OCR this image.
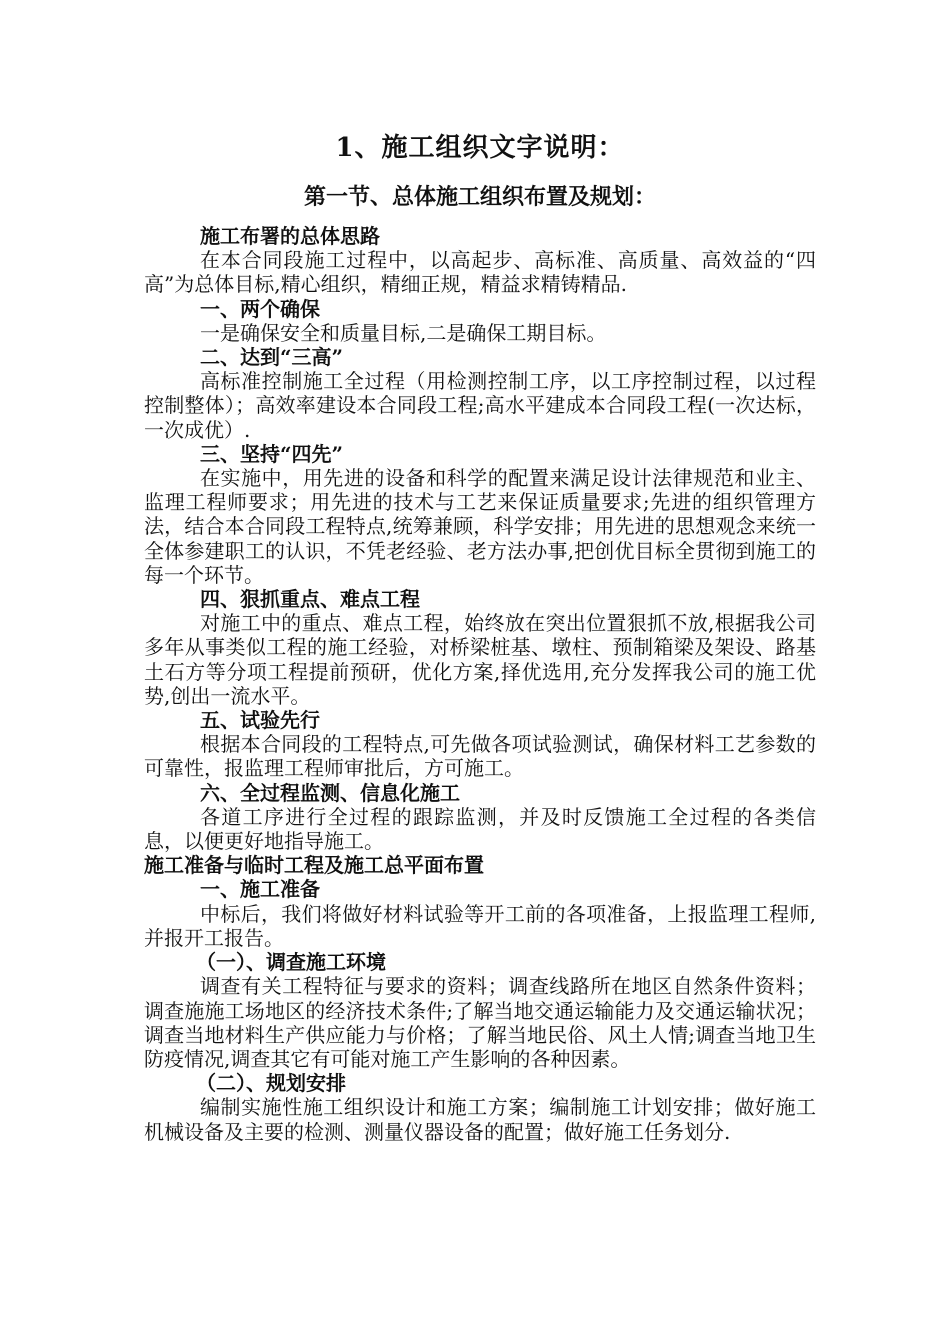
1、施工组织文字说明：
第一节、总体施工组织布置及规划：
施工布署的总体思路
在本合同段施工过程中，以高起步、高标准、高质量、高效益的“四高”为总体目标,精心组织，精细正规，精益求精铸精品.
一、两个确保
一是确保安全和质量目标,二是确保工期目标。
二、达到“三高”
高标准控制施工全过程（用检测控制工序，以工序控制过程，以过程控制整体）；高效率建设本合同段工程;高水平建成本合同段工程(一次达标，一次成优）.
三、坚持“四先”
在实施中，用先进的设备和科学的配置来满足设计法律规范和业主、监理工程师要求；用先进的技术与工艺来保证质量要求;先进的组织管理方法，结合本合同段工程特点,统筹兼顾，科学安排；用先进的思想观念来统一全体参建职工的认识，不凭老经验、老方法办事,把创优目标全贯彻到施工的每一个环节。
四、狠抓重点、难点工程
对施工中的重点、难点工程，始终放在突出位置狠抓不放,根据我公司多年从事类似工程的施工经验，对桥梁桩基、墩柱、预制箱梁及架设、路基土石方等分项工程提前预研，优化方案,择优选用,充分发挥我公司的施工优势,创出一流水平。
五、试验先行
根据本合同段的工程特点,可先做各项试验测试，确保材料工艺参数的可靠性，报监理工程师审批后，方可施工。
六、全过程监测、信息化施工
各道工序进行全过程的跟踪监测，并及时反馈施工全过程的各类信息，以便更好地指导施工。
施工准备与临时工程及施工总平面布置
一、施工准备
中标后，我们将做好材料试验等开工前的各项准备，上报监理工程师,并报开工报告。
（一）、调查施工环境
调查有关工程特征与要求的资料；调查线路所在地区自然条件资料；调查施施工场地区的经济技术条件;了解当地交通运输能力及交通运输状况；调查当地材料生产供应能力与价格；了解当地民俗、风土人情;调查当地卫生防疫情况,调查其它有可能对施工产生影响的各种因素。
（二）、规划安排
编制实施性施工组织设计和施工方案；编制施工计划安排；做好施工机械设备及主要的检测、测量仪器设备的配置；做好施工任务划分.
